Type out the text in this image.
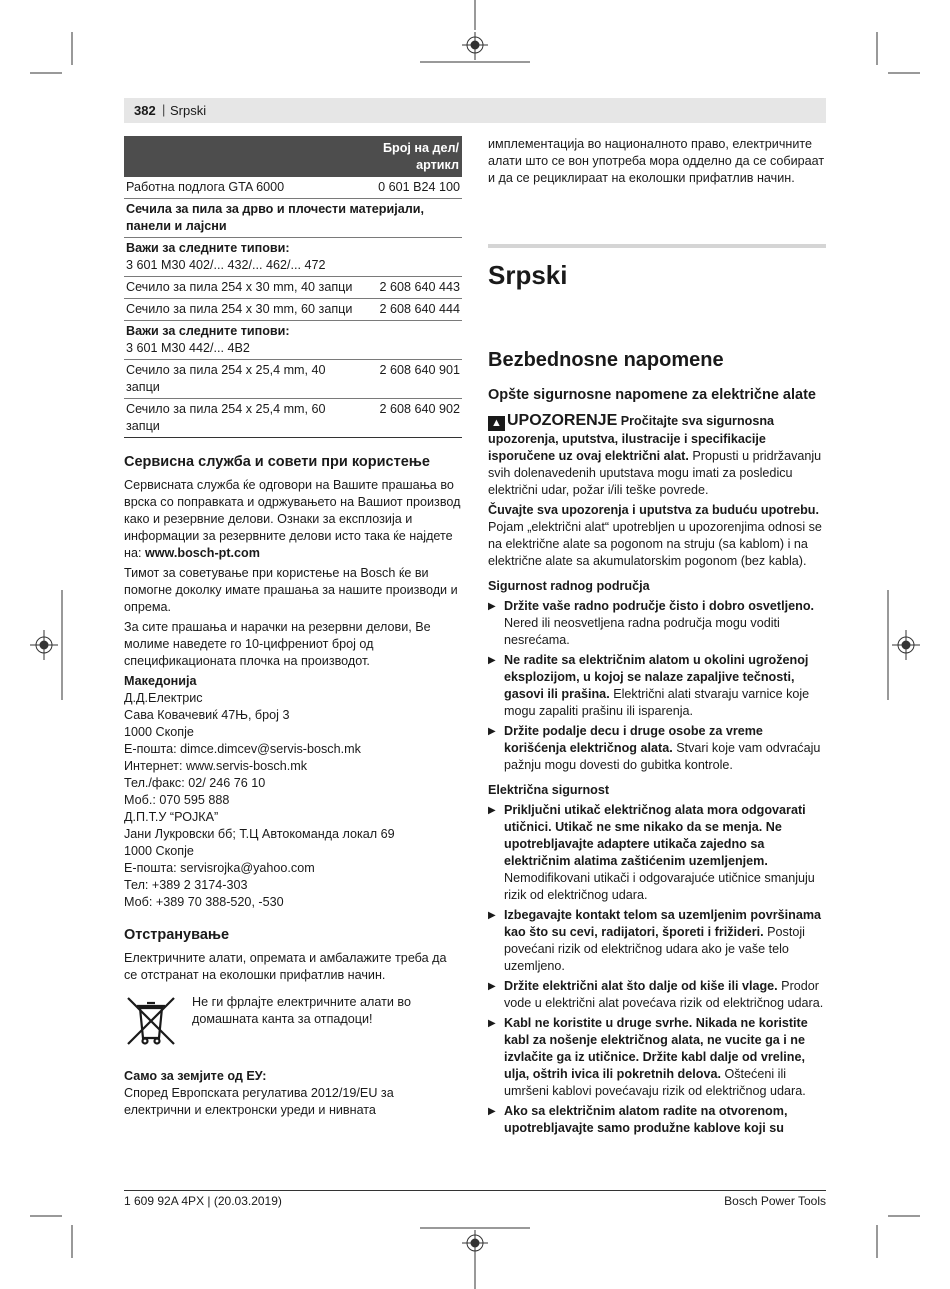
382 | Srpski
Број на дел/ артикл	

Работна подлога GTA 6000	0 601 B24 100
Сечила за пила за дрво и плочести материјали, панели и лајсни	

Важи за следните типови:
3 601 M30 402/... 432/... 462/... 472	

Сечило за пила 254 x 30 mm, 40 запци	2 608 640 443
Сечило за пила 254 x 30 mm, 60 запци	2 608 640 444

Важи за следните типови:
3 601 M30 442/... 4B2	

Сечило за пила 254 x 25,4 mm, 40 запци	2 608 640 901
Сечило за пила 254 x 25,4 mm, 60 запци	2 608 640 902
Сервисна служба и совети при користење
Сервисната служба ќе одговори на Вашите прашања во врска со поправката и одржувањето на Вашиот производ како и резервние делови. Ознаки за експлозија и информации за резервните делови исто така ќе најдете на: www.bosch-pt.com
Тимот за советување при користење на Bosch ќе ви помогне доколку имате прашања за нашите производи и опрема.
За сите прашања и нарачки на резервни делови, Ве молиме наведете го 10-цифрениот број од спецификационата плочка на производот.
Македонија
Д.Д.Електрис
Сава Ковачевиќ 47Њ, број 3
1000 Скопје
Е-пошта: dimce.dimcev@servis-bosch.mk
Интернет: www.servis-bosch.mk
Тел./факс: 02/ 246 76 10
Моб.: 070 595 888
Д.П.Т.У “РОЈКА”
Јани Лукровски бб; Т.Ц Автокоманда локал 69
1000 Скопје
Е-пошта: servisrojka@yahoo.com
Тел: +389 2 3174-303
Моб: +389 70 388-520, -530
Отстранување
Електричните алати, опремата и амбалажите треба да се отстранат на еколошки прифатлив начин.
Не ги фрлајте електричните алати во домашната канта за отпадоци!
Само за земјите од ЕУ:
Според Европската регулатива 2012/19/EU за електрични и електронски уреди и нивната
имплементација во националното право, електричните алати што се вон употреба мора одделно да се собираат и да се рециклираат на еколошки прифатлив начин.
Srpski
Bezbednosne napomene
Opšte sigurnosne napomene za električne alate
▲ UPOZORENJE Pročitajte sva sigurnosna upozorenja, uputstva, ilustracije i specifikacije isporučene uz ovaj električni alat. Propusti u pridržavanju svih dolenavedenih uputstava mogu imati za posledicu električni udar, požar i/ili teške povrede.
Čuvajte sva upozorenja i uputstva za buduću upotrebu.
Pojam „električni alat“ upotrebljen u upozorenjima odnosi se na električne alate sa pogonom na struju (sa kablom) i na električne alate sa akumulatorskim pogonom (bez kabla).
Sigurnost radnog područja
▶ Držite vaše radno područje čisto i dobro osvetljeno. Nered ili neosvetljena radna područja mogu voditi nesrećama.
▶ Ne radite sa električnim alatom u okolini ugroženoj eksplozijom, u kojoj se nalaze zapaljive tečnosti, gasovi ili prašina. Električni alati stvaraju varnice koje mogu zapaliti prašinu ili isparenja.
▶ Držite podalje decu i druge osobe za vreme korišćenja električnog alata. Stvari koje vam odvraćaju pažnju mogu dovesti do gubitka kontrole.
Električna sigurnost
▶ Priključni utikač električnog alata mora odgovarati utičnici. Utikač ne sme nikako da se menja. Ne upotrebljavajte adaptere utikača zajedno sa električnim alatima zaštićenim uzemljenjem. Nemodifikovani utikači i odgovarajuće utičnice smanjuju rizik od električnog udara.
▶ Izbegavajte kontakt telom sa uzemljenim površinama kao što su cevi, radijatori, šporeti i frižideri. Postoji povećani rizik od električnog udara ako je vaše telo uzemljeno.
▶ Držite električni alat što dalje od kiše ili vlage. Prodor vode u električni alat povećava rizik od električnog udara.
▶ Kabl ne koristite u druge svrhe. Nikada ne koristite kabl za nošenje električnog alata, ne vucite ga i ne izvlačite ga iz utičnice. Držite kabl dalje od vreline, ulja, oštrih ivica ili pokretnih delova. Oštećeni ili umršeni kablovi povećavaju rizik od električnog udara.
▶ Ako sa električnim alatom radite na otvorenom, upotrebljavajte samo produžne kablove koji su
1 609 92A 4PX | (20.03.2019)	Bosch Power Tools
